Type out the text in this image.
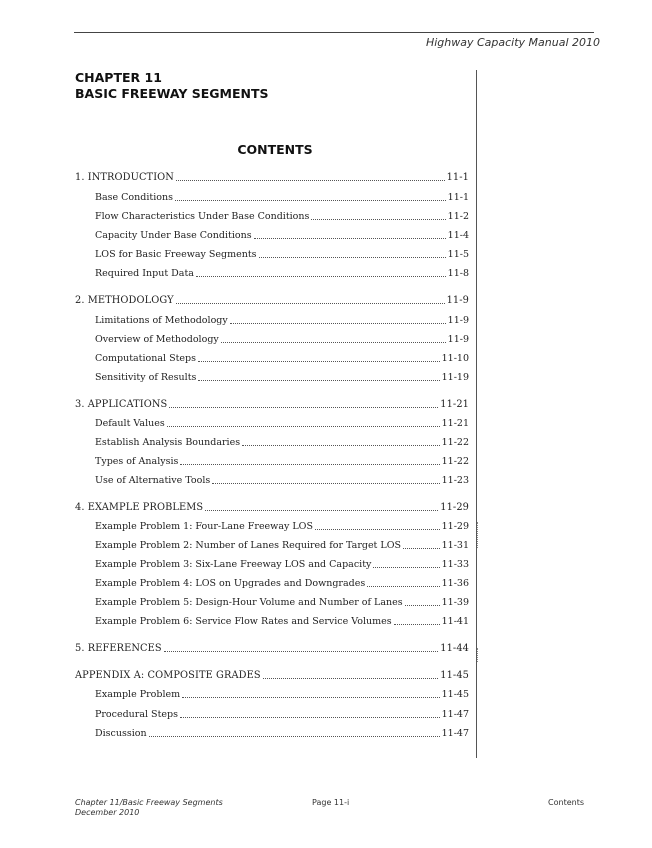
Highway Capacity Manual 2010
CHAPTER 11
BASIC FREEWAY SEGMENTS
CONTENTS
1. INTRODUCTION	11-1
Base Conditions	11-1
Flow Characteristics Under Base Conditions	11-2
Capacity Under Base Conditions	11-4
LOS for Basic Freeway Segments	11-5
Required Input Data	11-8
2. METHODOLOGY	11-9
Limitations of Methodology	11-9
Overview of Methodology	11-9
Computational Steps	11-10
Sensitivity of Results	11-19
3. APPLICATIONS	11-21
Default Values	11-21
Establish Analysis Boundaries	11-22
Types of Analysis	11-22
Use of Alternative Tools	11-23
4. EXAMPLE PROBLEMS	11-29
Example Problem 1: Four-Lane Freeway LOS	11-29
Example Problem 2: Number of Lanes Required for Target LOS	11-31
Example Problem 3: Six-Lane Freeway LOS and Capacity	11-33
Example Problem 4: LOS on Upgrades and Downgrades	11-36
Example Problem 5: Design-Hour Volume and Number of Lanes	11-39
Example Problem 6: Service Flow Rates and Service Volumes	11-41
5. REFERENCES	11-44
APPENDIX A: COMPOSITE GRADES	11-45
Example Problem	11-45
Procedural Steps	11-47
Discussion	11-47
Chapter 11/Basic Freeway Segments
December 2010
Page 11-i	Contents
